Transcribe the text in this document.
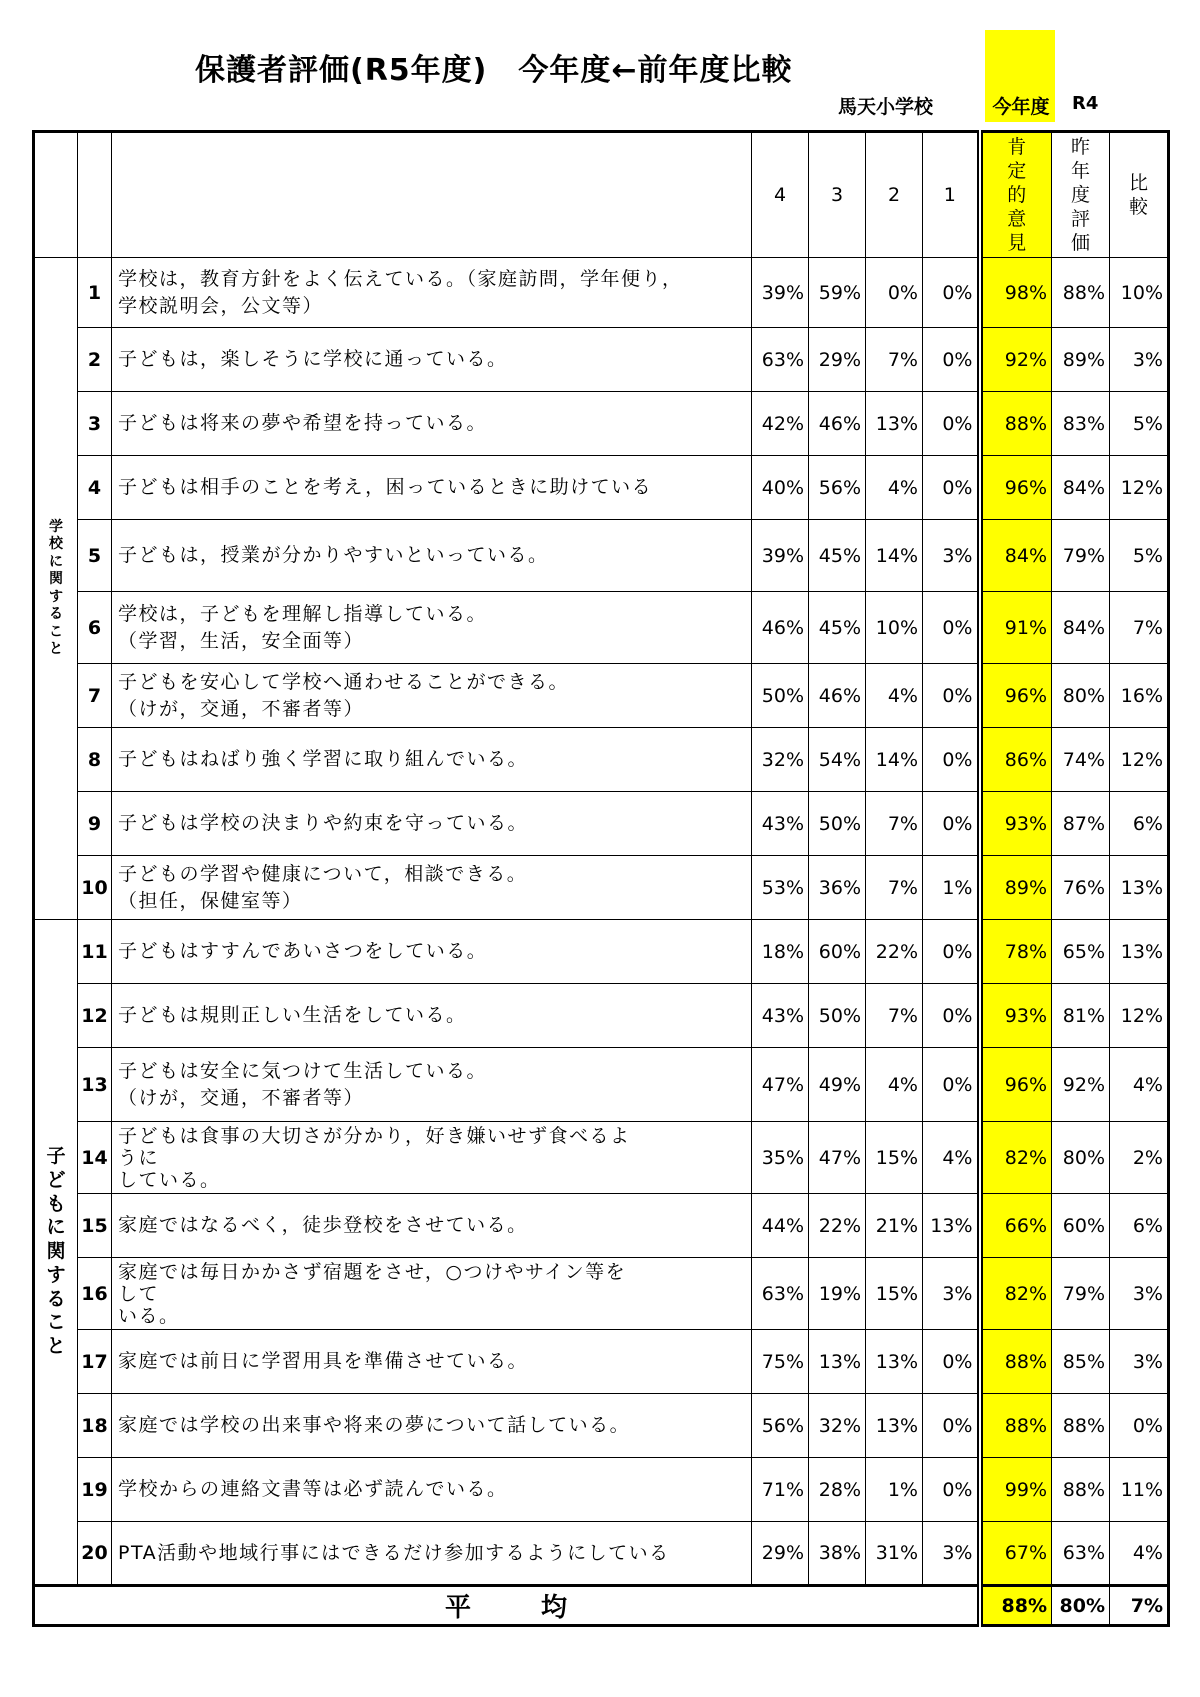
保護者評価(R5年度)　今年度←前年度比較
馬天小学校	今年度	R4
			4	3	2	1	肯定的意見	昨年度評価	比較
学校に関すること	1	学校は，教育方針をよく伝えている。（家庭訪問，学年便り，
学校説明会，公文等）	39%	59%	0%	0%	98%	88%	10%
	2	子どもは，楽しそうに学校に通っている。	63%	29%	7%	0%	92%	89%	3%
	3	子どもは将来の夢や希望を持っている。	42%	46%	13%	0%	88%	83%	5%
	4	子どもは相手のことを考え，困っているときに助けている	40%	56%	4%	0%	96%	84%	12%
	5	子どもは，授業が分かりやすいといっている。	39%	45%	14%	3%	84%	79%	5%
	6	学校は，子どもを理解し指導している。
（学習，生活，安全面等）	46%	45%	10%	0%	91%	84%	7%
	7	子どもを安心して学校へ通わせることができる。
（けが，交通，不審者等）	50%	46%	4%	0%	96%	80%	16%
	8	子どもはねばり強く学習に取り組んでいる。	32%	54%	14%	0%	86%	74%	12%
	9	子どもは学校の決まりや約束を守っている。	43%	50%	7%	0%	93%	87%	6%
	10	子どもの学習や健康について，相談できる。
（担任，保健室等）	53%	36%	7%	1%	89%	76%	13%
子どもに関すること	11	子どもはすすんであいさつをしている。	18%	60%	22%	0%	78%	65%	13%
	12	子どもは規則正しい生活をしている。	43%	50%	7%	0%	93%	81%	12%
	13	子どもは安全に気つけて生活している。
（けが，交通，不審者等）	47%	49%	4%	0%	96%	92%	4%
	14	子どもは食事の大切さが分かり，好き嫌いせず食べるよ
うに
している。	35%	47%	15%	4%	82%	80%	2%
	15	家庭ではなるべく，徒歩登校をさせている。	44%	22%	21%	13%	66%	60%	6%
	16	家庭では毎日かかさず宿題をさせ，○つけやサイン等を
して
いる。	63%	19%	15%	3%	82%	79%	3%
	17	家庭では前日に学習用具を準備させている。	75%	13%	13%	0%	88%	85%	3%
	18	家庭では学校の出来事や将来の夢について話している。	56%	32%	13%	0%	88%	88%	0%
	19	学校からの連絡文書等は必ず読んでいる。	71%	28%	1%	0%	99%	88%	11%
	20	PTA活動や地域行事にはできるだけ参加するようにしている	29%	38%	31%	3%	67%	63%	4%
平　　均							88%	80%	7%
